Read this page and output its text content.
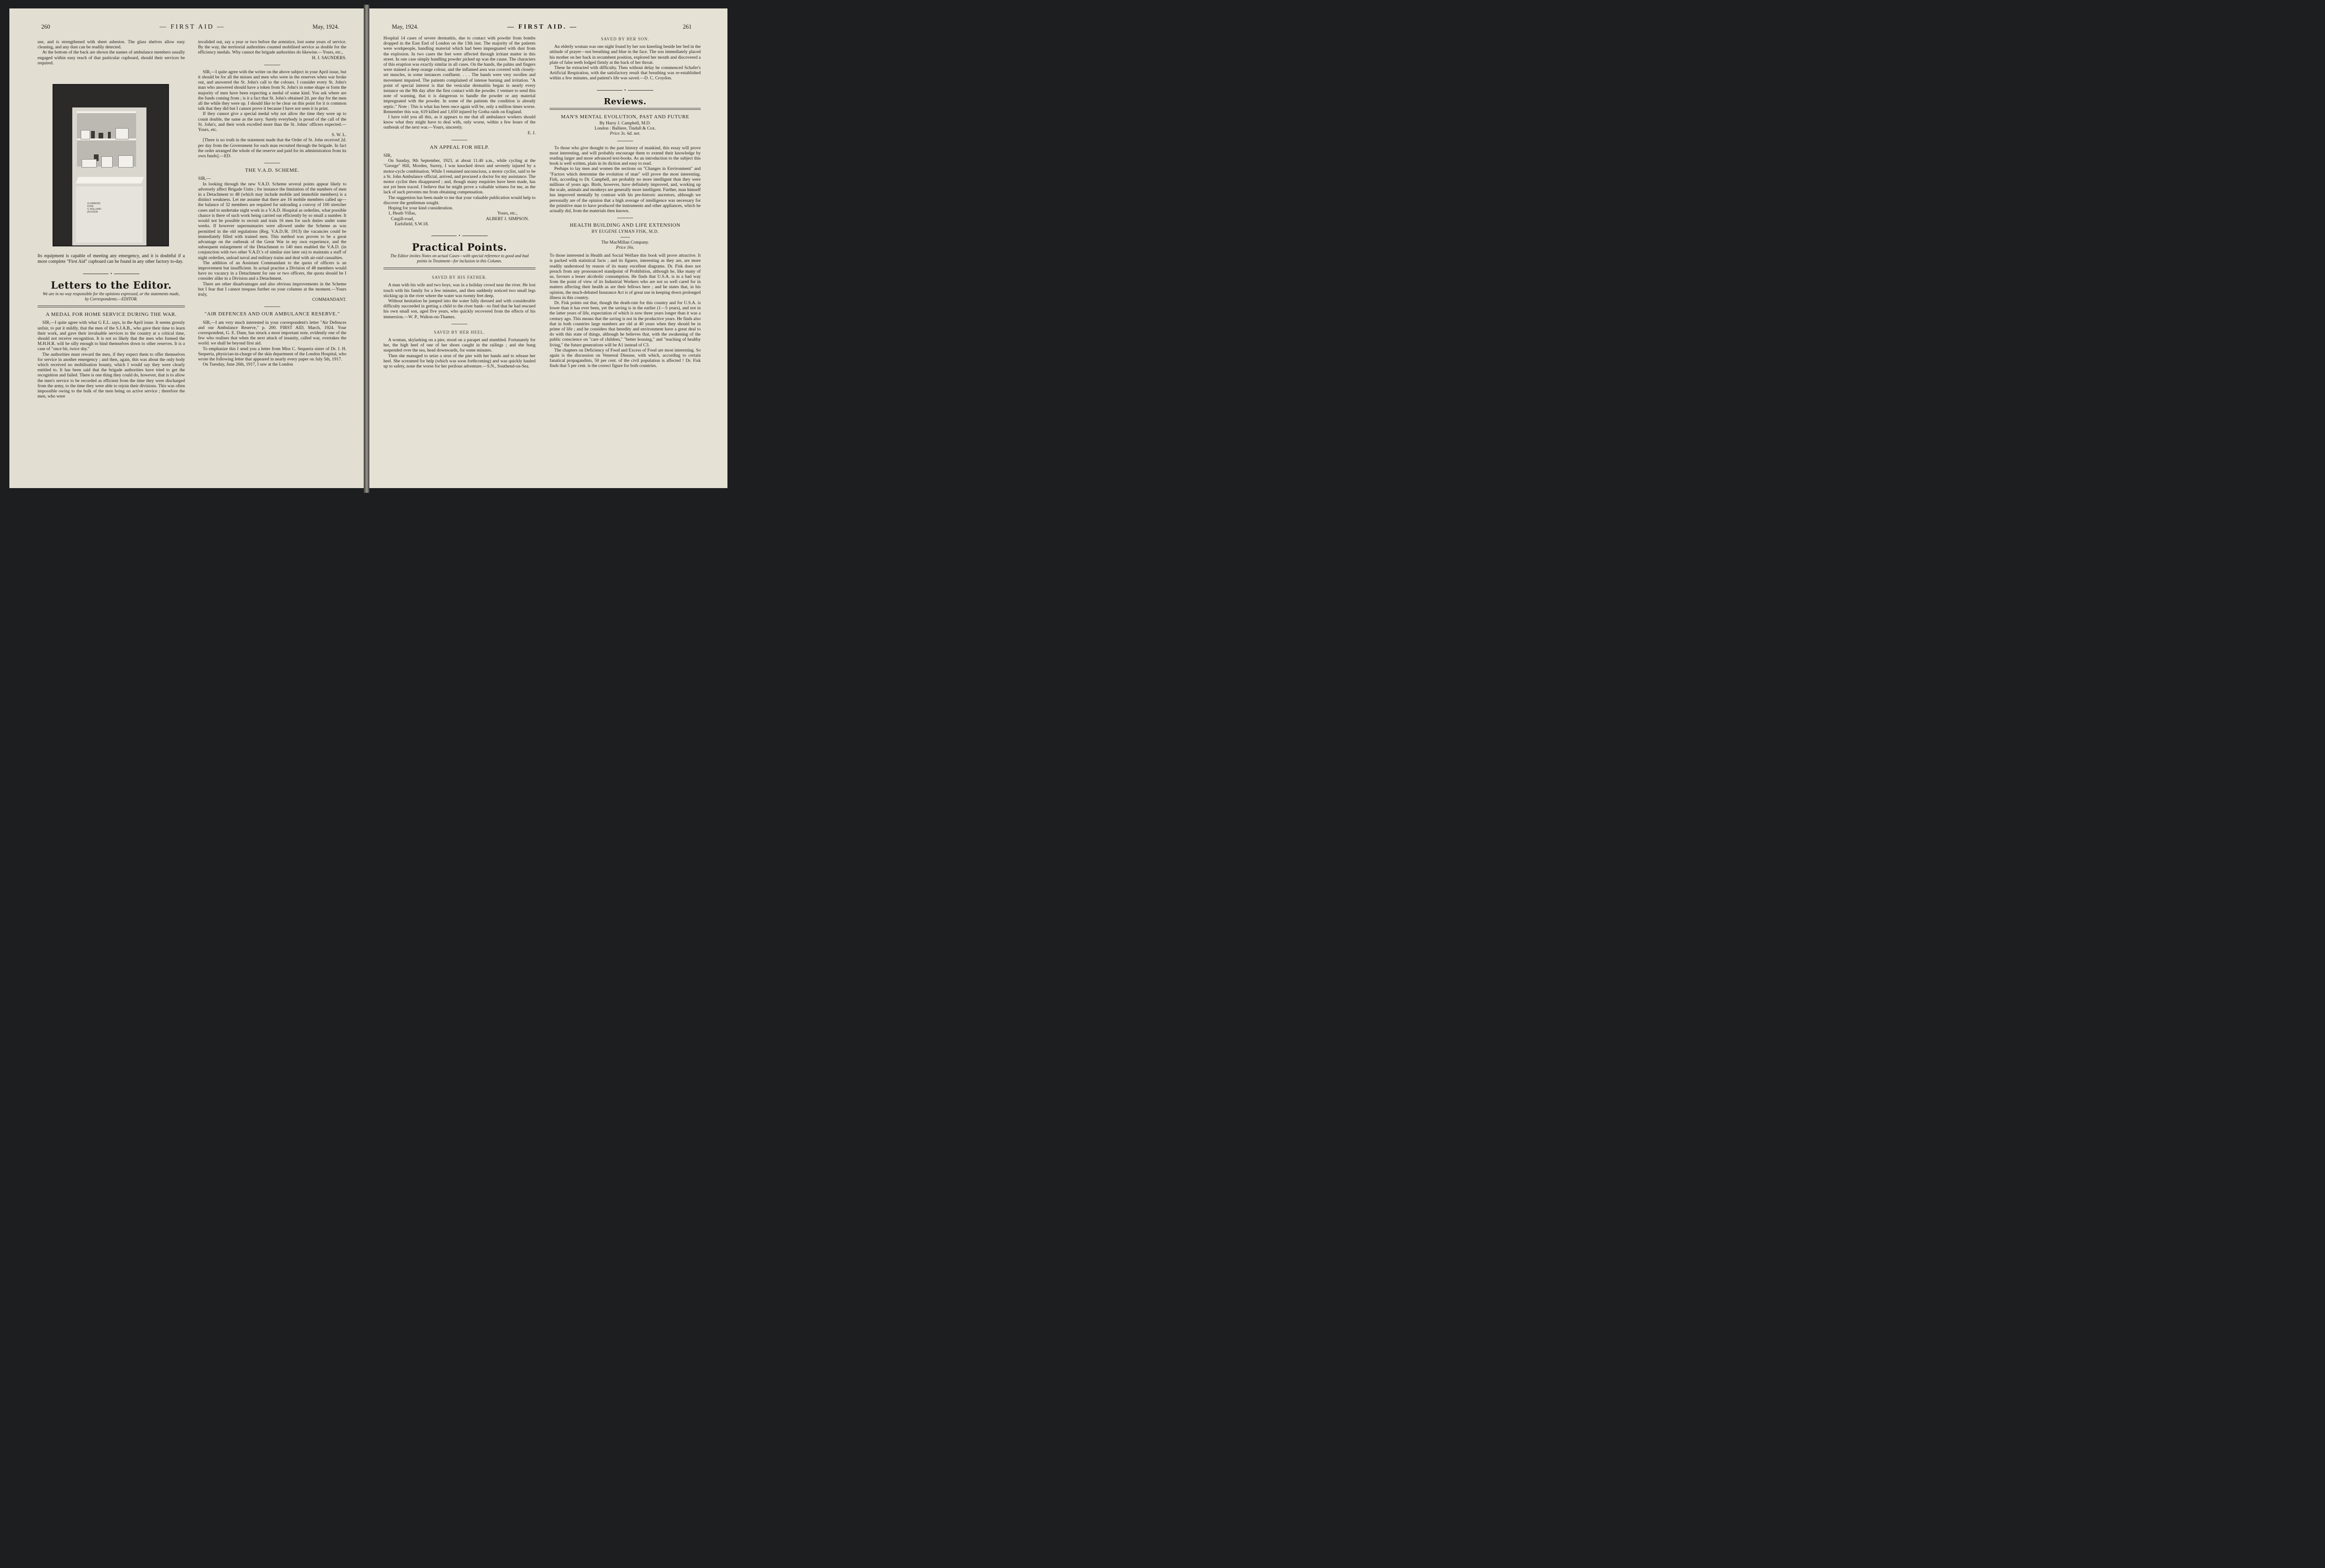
260	— FIRST AID —	May, 1924.

use, and is strengthened with sheet asbestos. The glass shelves allow easy cleaning, and any dust can be readily detected.

At the bottom of the back are shown the names of ambulance members usually engaged within easy reach of that particular cupboard, should their services be required.

A.GIBBONS
EXRA
G.HOLLAND
JACKSON

Its equipment is capable of meeting any emergency, and it is doubtful if a more complete "First Aid" cupboard can be found in any other factory to-day.

•
Letters to the Editor.
We are in no way responsible for the opinions expressed, or the statements made, by Correspondents.—EDITOR.
A MEDAL FOR HOME SERVICE DURING THE WAR.

SIR,—I quite agree with what G E.L. says, in the April issue. It seems grossly unfair, to put it mildly, that the men of the S.J.A.B., who gave their time to learn their work, and gave their invaluable services to the country at a critical time, should not receive recognition. It is not so likely that the men who formed the M.H.H.R. will be silly enough to bind themselves down to other reserves. It is a case of "once bit, twice shy."

The authorities must reward the men, if they expect them to offer themselves for service in another emergency ; and then, again, this was about the only body which received no mobilisation bounty, which I would say they were clearly entitled to. It has been said that the brigade authorities have tried to get the recognition and failed. There is one thing they could do, however, that is to allow the men's service to be recorded as efficient from the time they were discharged from the army, to the time they were able to rejoin their divisions. This was often impossible owing to the bulk of the men being on active service ; therefore the men, who were

invalided out, say a year or two before the armistice, lost some years of service. By the way, the territorial authorities counted mobilised service as double for the efficiency medals. Why cannot the brigade authorities do likewise.—Yours, etc.,

H. J. SAUNDERS.

SIR,—I quite agree with the writer on the above subject in your April issue, but it should be for all the misses and men who were in the reserves when war broke out, and answered the St. John's call to the colours. I consider every St. John's man who answered should have a token from St. John's in some shape or form the majority of men have been expecting a medal of some kind. You ask where are the funds coming from ; is it a fact that St. John's obtained 2d. per day for the men all the while they were up. I should like to be clear on this point for it is common talk that they did but I cannot prove it because I have not seen it in print.

If they cannot give a special medal why not allow the time they were up to count double, the same as the navy. Surely everybody is proud of the call of the St. John's, and their work excelled more than the St. Johns' officers expected.—Yours, etc.

S. W. L.

[There is no truth in the statement made that the Order of St. John received 2d. per day from the Government for each man recruited through the brigade. In fact the order arranged the whole of the reserve and paid for its administration from its own funds].—ED.

THE V.A.D. SCHEME.

SIR,—

In looking through the new V.A.D. Scheme several points appear likely to adversely affect Brigade Units ; for instance the limitation of the numbers of men in a Detachment to 48 (which may include mobile and immobile members) is a distinct weakness. Let me assume that there are 16 mobile members called up—the balance of 32 members are required for unloading a convoy of 100 stretcher cases and to undertake night work in a V.A.D. Hospital as orderlies, what possible chance is there of such work being carried out efficiently by so small a number. It would not be possible to recruit and train 16 men for such duties under some weeks. If however supernumaries were allowed under the Scheme as was permitted in the old regulations (Reg. V.A.D./R. 1913) the vacancies could be immediately filled with trained men. This method was proven to be a great advantage on the outbreak of the Great War in my own experience, and the subsequent enlargement of the Detachment to 140 men enabled the V.A.D. (in conjunction with two other V.A.D.'s of similar size later on) to maintain a staff of night orderlies, unload naval and military trains and deal with air-raid casualties.

The addition of an Assistant Commandant to the quota of officers is an improvement but insufficient. In actual practise a Division of 48 members would have no vacancy in a Detachment for one or two officers, the quota should be I consider alike in a Division and a Detachment.

There are other disadvantages and also obvious improvements in the Scheme but I fear that I cannot trespass further on your columns at the moment.—Yours truly,

COMMANDANT.

"AIR DEFENCES AND OUR AMBULANCE RESERVE."

SIR,—I am very much interested in your correspondent's letter "Air Defences and our Ambulance Reserve," p. 200. FIRST AID, March, 1924. Your correspondent, G. E. Dane, has struck a most important note, evidently one of the few who realises that when the next attack of insanity, called war, overtakes the world. we shall be beyond first aid.

To emphasize this I send you a letter from Miss C. Sequeria sister of Dr. J. H. Sequeria, physician-in-charge of the skin department of the London Hospital, who wrote the following letter that appeared in nearly every paper on July 5th, 1917.

On Tuesday, June 26th, 1917, I saw at the London

May, 1924.	— FIRST AID. —	261

Hospital 14 cases of severe dermatitis, due to contact with powder from bombs dropped in the East End of London on the 13th inst. The majority of the patients were workpeople, handling material which had been impregnated with dust from the explosion. In two cases the feet were affected through irritant matter in this street. In one case simply handling powder picked up was the cause. The characters of this eruption was exactly similar in all cases. On the hands, the palms and fingers were stained a deep orange colour, and the inflamed area was covered with closely-set muscles, in some instances confluent. . . . The hands were very swollen and movement impaired. The patients complained of intense burning and irritation. "A point of special interest is that the vesicular dermatitis began in nearly every instance on the 9th day after the first contact with the powder. I venture to send this note of warning, that it is dangerous to handle the powder or any material impregnated with the powder. In some of the patients the condition is already septic." Note : This is what has been once again will be, only a million times worse. Remember this war, 619 killed and 1,650 injured by Gotha raids on England.

I have told you all this, as it appears to me that all ambulance workers should know what they might have to deal with, only worse, within a few hours of the outbreak of the next war.—Yours, sincerely.

E. J.

AN APPEAL FOR HELP.

SIR,

On Sunday, 9th September, 1923, at about 11.40 a.m., while cycling at the "George" Hill, Morden, Surrey, I was knocked down and severely injured by a motor-cycle combination. While I remained unconscious, a motor cyclist, said to be a St. John Ambulance official, arrived, and procured a doctor for my assistance. The motor cyclist then disappeared ; and, though many enquiries have been made, has not yet been traced. I believe that he might prove a valuable witness for me, as the lack of such prevents me from obtaining compensation.

The suggestion has been made to me that your valuable publication would help to discover the gentleman sought.

Hoping for your kind consideration.

1, Heath Villas,
Cargill-road,
Earlsfield, S.W.18.
Yours, etc.,
ALBERT J. SIMPSON.
•
Practical Points.
The Editor invites Notes on actual Cases—with special reference to good and bad points in Treatment—for inclusion in this Column.
SAVED BY HIS FATHER.

A man with his wife and two boys, was in a holiday crowd near the river. He lost touch with his family for a few minutes, and then suddenly noticed two small legs sticking up in the river where the water was twenty feet deep.

Without hesitation he jumped into the water fully dressed and with considerable difficulty succeeded in getting a child to the river bank—to find that he had rescued his own small son, aged five years, who quickly recovered from the effects of his immersion.—W. P., Walton-on-Thames.

SAVED BY HER HEEL.

A woman, skylarking on a pier, stood on a parapet and stumbled. Fortunately for her, the high heel of one of her shoes caught in the railings ; and she hung suspended over the sea, head downwards, for some minutes.

Then she managed to seize a strut of the pier with her hands and to release her heel. She screamed for help (which was soon forthcoming) and was quickly hauled up to safety, none the worse for her perilous adventure.—S.N., Southend-on-Sea.

SAVED BY HER SON.

An elderly woman was one night found by her son kneeling beside her bed in the attitude of prayer—not breathing and blue in the face. The son immediately placed his mother on her back in recumbent position, explored her mouth and discovered a plate of false teeth lodged firmly at the back of her throat.

These he extracted with difficulty. Then without delay he commenced Schafer's Artificial Respiration, with the satisfactory result that breathing was re-established within a few minutes, and patient's life was saved.—D. C. Croydon.

•
Reviews.
MAN'S MENTAL EVOLUTION, PAST AND FUTURE
By Harry J. Campbell, M.D.
London : Balliere, Tindall & Cox.
Price 3s. 6d. net.

To those who give thought to the past history of mankind, this essay will prove most interesting, and will probably encourage them to extend their knowledge by reading larger and more advanced text-books. As an introduction to the subject this book is well written, plain in its diction and easy to read.

Perhaps to lay men and women the sections on "Changes in Environment" and "Factors which determine the evolution of man" will prove the most interesting. Fish, according to Dr. Campbell, are probably no more intelligent than they were millions of years ago. Birds, however, have definitely improved, and, working up the scale, animals and monkeys are generally more intelligent. Further, man himself has improved mentally by contrast with his pre-historic ancestors, although we personally are of the opinion that a high average of intelligence was necessary for the primitive man to have produced the instruments and other appliances, which he actually did, from the materials then known.

HEALTH BUILDING AND LIFE EXTENSION
BY EUGENE LYMAN FISK, M.D.
The MacMillan Company.
Price 16s.

To those interested in Health and Social Welfare this book will prove attractive. It is packed with statistical facts ; and its figures, interesting as they are, are more readily understood by reason of its many excellent diagrams. Dr. Fisk does not preach from any pronounced standpoint of Prohibition, although he, like many of us, favours a lesser alcoholic consumption. He finds that U.S.A. is in a bad way from the point of view of its Industrial Workers who are not so well cared for in matters affecting their health as are their fellows here ; and he states that, in his opinion, the much-debated Insurance Act is of great use in keeping down prolonged illness in this country.

Dr. Fisk points out that, though the death-rate for this country and for U.S.A. is lower than it has ever been, yet the saving is in the earlier (1—5 years), and not in the latter years of life, expectation of which is now three years longer than it was a century ago. This means that the saving is not in the productive years. He finds also that in both countries large numbers are old at 40 years when they should be in prime of life ; and he considers that heredity and environment have a great deal to do with this state of things, although he believes that, with the awakening of the public conscience on "care of children," "better housing," and "teaching of healthy living," the future generations will be A1 instead of C3.

The chapters on Deficiency of Food and Excess of Food are most interesting. So again is the discussion on Venereal Disease, with which, according to certain fanatical propagandists, 50 per cent. of the civil population is affected ! Dr. Fisk finds that 5 per cent. is the correct figure for both countries.
